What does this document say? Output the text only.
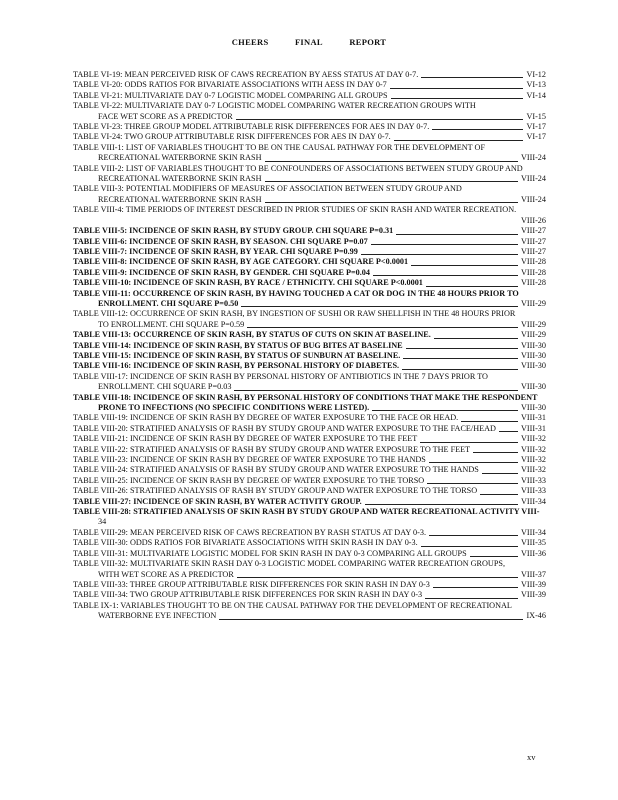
CHEERS	FINAL	REPORT
TABLE VI-19: MEAN PERCEIVED RISK OF CAWS RECREATION BY AESS STATUS AT DAY 0-7.	VI-12
TABLE VI-20: ODDS RATIOS FOR BIVARIATE ASSOCIATIONS WITH AESS IN DAY 0-7	VI-13
TABLE VI-21: MULTIVARIATE DAY 0-7 LOGISTIC MODEL COMPARING ALL GROUPS	VI-14
TABLE VI-22: MULTIVARIATE DAY 0-7 LOGISTIC MODEL COMPARING WATER RECREATION GROUPS WITH
FACE WET SCORE AS A PREDICTOR	VI-15
TABLE VI-23: THREE GROUP MODEL ATTRIBUTABLE RISK DIFFERENCES FOR AES IN DAY 0-7.	VI-17
TABLE VI-24: TWO GROUP ATTRIBUTABLE RISK DIFFERENCES FOR AES IN DAY 0-7.	VI-17
TABLE VIII-1: LIST OF VARIABLES THOUGHT TO BE ON THE CAUSAL PATHWAY FOR THE DEVELOPMENT OF
RECREATIONAL WATERBORNE SKIN RASH	VIII-24
TABLE VIII-2: LIST OF VARIABLES THOUGHT TO BE CONFOUNDERS OF ASSOCIATIONS BETWEEN STUDY GROUP AND
RECREATIONAL WATERBORNE SKIN RASH	VIII-24
TABLE VIII-3: POTENTIAL MODIFIERS OF MEASURES OF ASSOCIATION BETWEEN STUDY GROUP AND
RECREATIONAL WATERBORNE SKIN RASH	VIII-24
TABLE VIII-4: TIME PERIODS OF INTEREST DESCRIBED IN PRIOR STUDIES OF SKIN RASH AND WATER RECREATION.
VIII-26
TABLE VIII-5: INCIDENCE OF SKIN RASH, BY STUDY GROUP. CHI SQUARE P=0.31	VIII-27
TABLE VIII-6: INCIDENCE OF SKIN RASH, BY SEASON. CHI SQUARE P=0.07	VIII-27
TABLE VIII-7: INCIDENCE OF SKIN RASH, BY YEAR. CHI SQUARE P=0.99	VIII-27
TABLE VIII-8: INCIDENCE OF SKIN RASH, BY AGE CATEGORY. CHI SQUARE P<0.0001	VIII-28
TABLE VIII-9: INCIDENCE OF SKIN RASH, BY GENDER. CHI SQUARE P=0.04	VIII-28
TABLE VIII-10: INCIDENCE OF SKIN RASH, BY RACE / ETHNICITY. CHI SQUARE P<0.0001	VIII-28
TABLE VIII-11: OCCURRENCE OF SKIN RASH, BY HAVING TOUCHED A CAT OR DOG IN THE 48 HOURS PRIOR TO
ENROLLMENT. CHI SQUARE P=0.50	VIII-29
TABLE VIII-12: OCCURRENCE OF SKIN RASH, BY INGESTION OF SUSHI OR RAW SHELLFISH IN THE 48 HOURS PRIOR
TO ENROLLMENT. CHI SQUARE P=0.59	VIII-29
TABLE VIII-13: OCCURRENCE OF SKIN RASH, BY STATUS OF CUTS ON SKIN AT BASELINE.	VIII-29
TABLE VIII-14: INCIDENCE OF SKIN RASH, BY STATUS OF BUG BITES AT BASELINE	VIII-30
TABLE VIII-15: INCIDENCE OF SKIN RASH, BY STATUS OF SUNBURN AT BASELINE.	VIII-30
TABLE VIII-16: INCIDENCE OF SKIN RASH, BY PERSONAL HISTORY OF DIABETES.	VIII-30
TABLE VIII-17: INCIDENCE OF SKIN RASH BY PERSONAL HISTORY OF ANTIBIOTICS IN THE 7 DAYS PRIOR TO
ENROLLMENT. CHI SQUARE P=0.03	VIII-30
TABLE VIII-18: INCIDENCE OF SKIN RASH, BY PERSONAL HISTORY OF CONDITIONS THAT MAKE THE RESPONDENT
PRONE TO INFECTIONS (NO SPECIFIC CONDITIONS WERE LISTED).	VIII-30
TABLE VIII-19: INCIDENCE OF SKIN RASH BY DEGREE OF WATER EXPOSURE TO THE FACE OR HEAD.	VIII-31
TABLE VIII-20: STRATIFIED ANALYSIS OF RASH BY STUDY GROUP AND WATER EXPOSURE TO THE FACE/HEAD	VIII-31
TABLE VIII-21: INCIDENCE OF SKIN RASH BY DEGREE OF WATER EXPOSURE TO THE FEET	VIII-32
TABLE VIII-22: STRATIFIED ANALYSIS OF RASH BY STUDY GROUP AND WATER EXPOSURE TO THE FEET	VIII-32
TABLE VIII-23: INCIDENCE OF SKIN RASH BY DEGREE OF WATER EXPOSURE TO THE HANDS	VIII-32
TABLE VIII-24: STRATIFIED ANALYSIS OF RASH BY STUDY GROUP AND WATER EXPOSURE TO THE HANDS	VIII-32
TABLE VIII-25: INCIDENCE OF SKIN RASH BY DEGREE OF WATER EXPOSURE TO THE TORSO	VIII-33
TABLE VIII-26: STRATIFIED ANALYSIS OF RASH BY STUDY GROUP AND WATER EXPOSURE TO THE TORSO	VIII-33
TABLE VIII-27: INCIDENCE OF SKIN RASH, BY WATER ACTIVITY GROUP.	VIII-34
TABLE VIII-28: STRATIFIED ANALYSIS OF SKIN RASH BY STUDY GROUP AND WATER RECREATIONAL ACTIVITY VIII-
34
TABLE VIII-29: MEAN PERCEIVED RISK OF CAWS RECREATION BY RASH STATUS AT DAY 0-3.	VIII-34
TABLE VIII-30: ODDS RATIOS FOR BIVARIATE ASSOCIATIONS WITH SKIN RASH IN DAY 0-3.	VIII-35
TABLE VIII-31: MULTIVARIATE LOGISTIC MODEL FOR SKIN RASH IN DAY 0-3 COMPARING ALL GROUPS	VIII-36
TABLE VIII-32: MULTIVARIATE SKIN RASH DAY 0-3 LOGISTIC MODEL COMPARING WATER RECREATION GROUPS,
WITH WET SCORE AS A PREDICTOR	VIII-37
TABLE VIII-33: THREE GROUP ATTRIBUTABLE RISK DIFFERENCES FOR SKIN RASH IN DAY 0-3	VIII-39
TABLE VIII-34: TWO GROUP ATTRIBUTABLE RISK DIFFERENCES FOR SKIN RASH IN DAY 0-3	VIII-39
TABLE IX-1: VARIABLES THOUGHT TO BE ON THE CAUSAL PATHWAY FOR THE DEVELOPMENT OF RECREATIONAL
WATERBORNE EYE INFECTION	IX-46
xv
